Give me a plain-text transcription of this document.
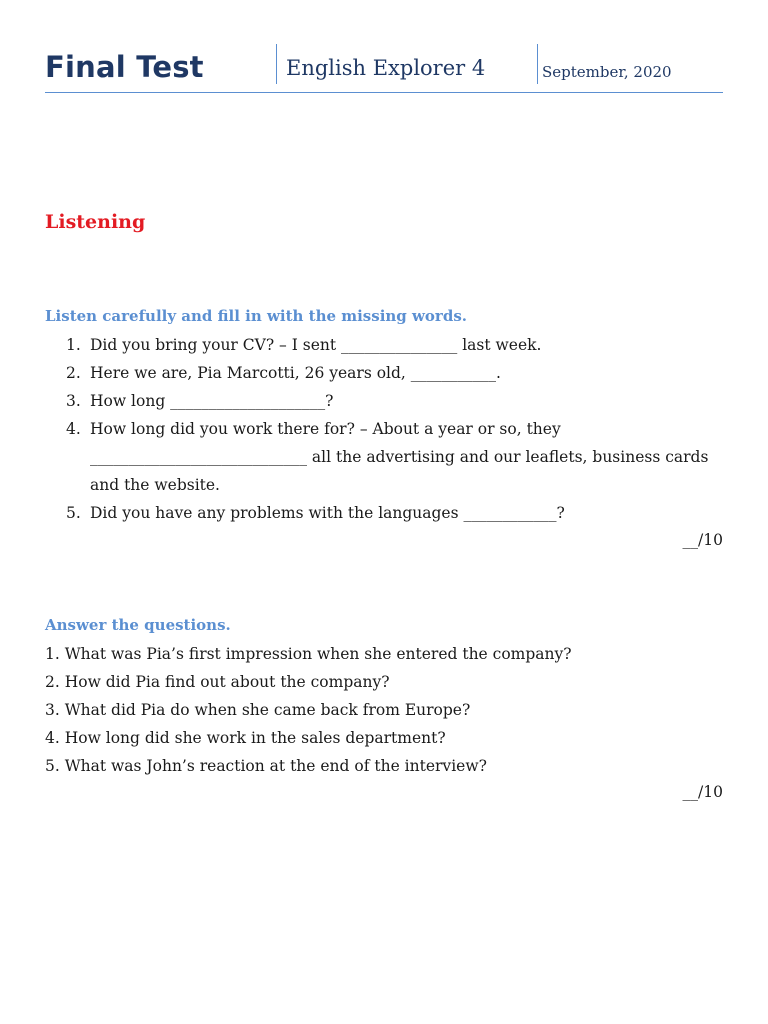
Final Test	English Explorer 4	September, 2020
Listening
Listen carefully and fill in with the missing words.
1. Did you bring your CV? – I sent _______________ last week.
2. Here we are, Pia Marcotti, 26 years old, ___________.
3. How long ____________________?
4. How long did you work there for? – About a year or so, they ____________________________ all the advertising and our leaflets, business cards and the website.
5. Did you have any problems with the languages ____________?
__/10
Answer the questions.
1. What was Pia’s first impression when she entered the company?
2. How did Pia find out about the company?
3. What did Pia do when she came back from Europe?
4. How long did she work in the sales department?
5. What was John’s reaction at the end of the interview?
__/10
